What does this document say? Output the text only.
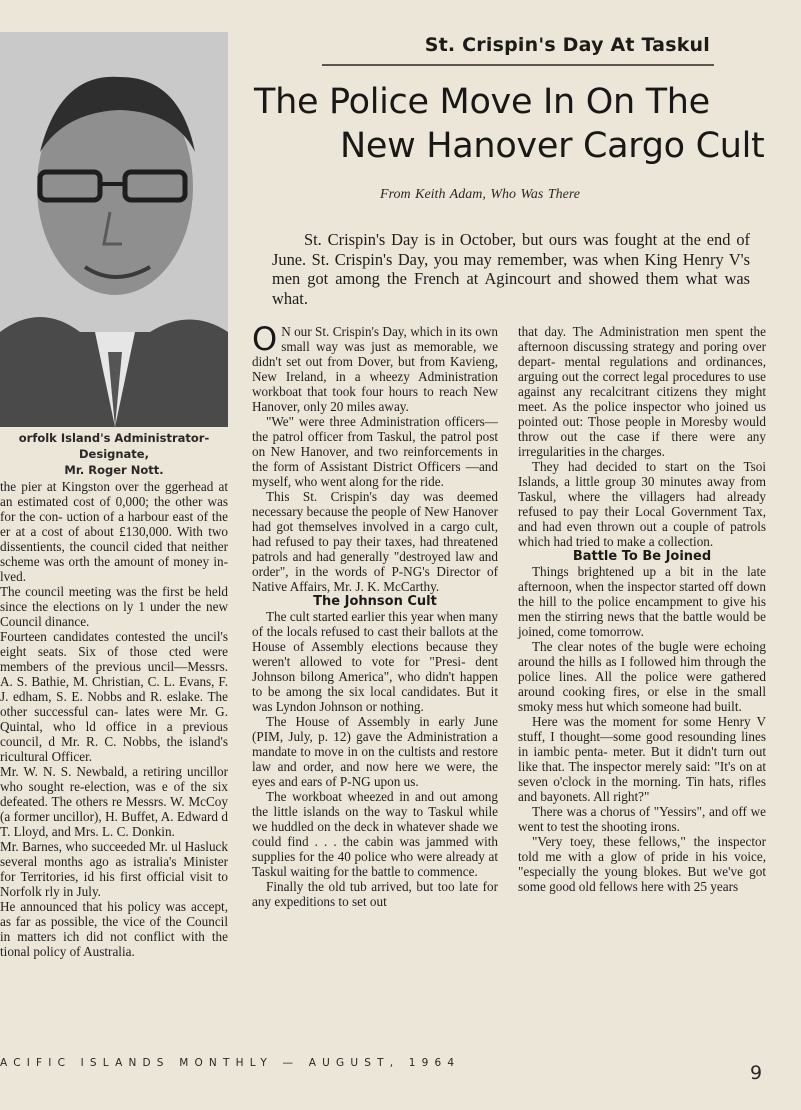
orfolk Island's Administrator-Designate,
Mr. Roger Nott.
St. Crispin's Day At Taskul
The Police Move In On The
New Hanover Cargo Cult
From Keith Adam, Who Was There

St. Crispin's Day is in October, but ours was fought at the end of June. St. Crispin's Day, you may remember, was when King Henry V's men got among the French at Agincourt and showed them what was what.

the pier at Kingston over the ggerhead at an estimated cost of 0,000; the other was for the con- uction of a harbour east of the er at a cost of about £130,000. With two dissentients, the council cided that neither scheme was orth the amount of money in- lved.

The council meeting was the first be held since the elections on ly 1 under the new Council dinance.

Fourteen candidates contested the uncil's eight seats. Six of those cted were members of the previous uncil—Messrs. A. S. Bathie, M. Christian, C. L. Evans, F. J. edham, S. E. Nobbs and R. eslake. The other successful can- lates were Mr. G. Quintal, who ld office in a previous council, d Mr. R. C. Nobbs, the island's ricultural Officer.

Mr. W. N. S. Newbald, a retiring uncillor who sought re-election, was e of the six defeated. The others re Messrs. W. McCoy (a former uncillor), H. Buffet, A. Edward d T. Lloyd, and Mrs. L. C. Donkin.

Mr. Barnes, who succeeded Mr. ul Hasluck several months ago as istralia's Minister for Territories, id his first official visit to Norfolk rly in July.

He announced that his policy was accept, as far as possible, the vice of the Council in matters ich did not conflict with the tional policy of Australia.

O N our St. Crispin's Day, which in its own small way was just as memorable, we didn't set out from Dover, but from Kavieng, New Ireland, in a wheezy Administration workboat that took four hours to reach New Hanover, only 20 miles away.

"We" were three Administration officers—the patrol officer from Taskul, the patrol post on New Hanover, and two reinforcements in the form of Assistant District Officers —and myself, who went along for the ride.

This St. Crispin's day was deemed necessary because the people of New Hanover had got themselves involved in a cargo cult, had refused to pay their taxes, had threatened patrols and had generally "destroyed law and order", in the words of P-NG's Director of Native Affairs, Mr. J. K. McCarthy.

The Johnson Cult

The cult started earlier this year when many of the locals refused to cast their ballots at the House of Assembly elections because they weren't allowed to vote for "Presi- dent Johnson bilong America", who didn't happen to be among the six local candidates. But it was Lyndon Johnson or nothing.

The House of Assembly in early June (PIM, July, p. 12) gave the Administration a mandate to move in on the cultists and restore law and order, and now here we were, the eyes and ears of P-NG upon us.

The workboat wheezed in and out among the little islands on the way to Taskul while we huddled on the deck in whatever shade we could find . . . the cabin was jammed with supplies for the 40 police who were already at Taskul waiting for the battle to commence.

Finally the old tub arrived, but too late for any expeditions to set out

that day. The Administration men spent the afternoon discussing strategy and poring over depart- mental regulations and ordinances, arguing out the correct legal procedures to use against any recalcitrant citizens they might meet. As the police inspector who joined us pointed out: Those people in Moresby would throw out the case if there were any irregularities in the charges.

They had decided to start on the Tsoi Islands, a little group 30 minutes away from Taskul, where the villagers had already refused to pay their Local Government Tax, and had even thrown out a couple of patrols which had tried to make a collection.

Battle To Be Joined

Things brightened up a bit in the late afternoon, when the inspector started off down the hill to the police encampment to give his men the stirring news that the battle would be joined, come tomorrow.

The clear notes of the bugle were echoing around the hills as I followed him through the police lines. All the police were gathered around cooking fires, or else in the small smoky mess hut which someone had built.

Here was the moment for some Henry V stuff, I thought—some good resounding lines in iambic penta- meter. But it didn't turn out like that. The inspector merely said: "It's on at seven o'clock in the morning. Tin hats, rifles and bayonets. All right?"

There was a chorus of "Yessirs", and off we went to test the shooting irons.

"Very toey, these fellows," the inspector told me with a glow of pride in his voice, "especially the young blokes. But we've got some good old fellows here with 25 years

ACIFIC ISLANDS MONTHLY — AUGUST, 1964	9
